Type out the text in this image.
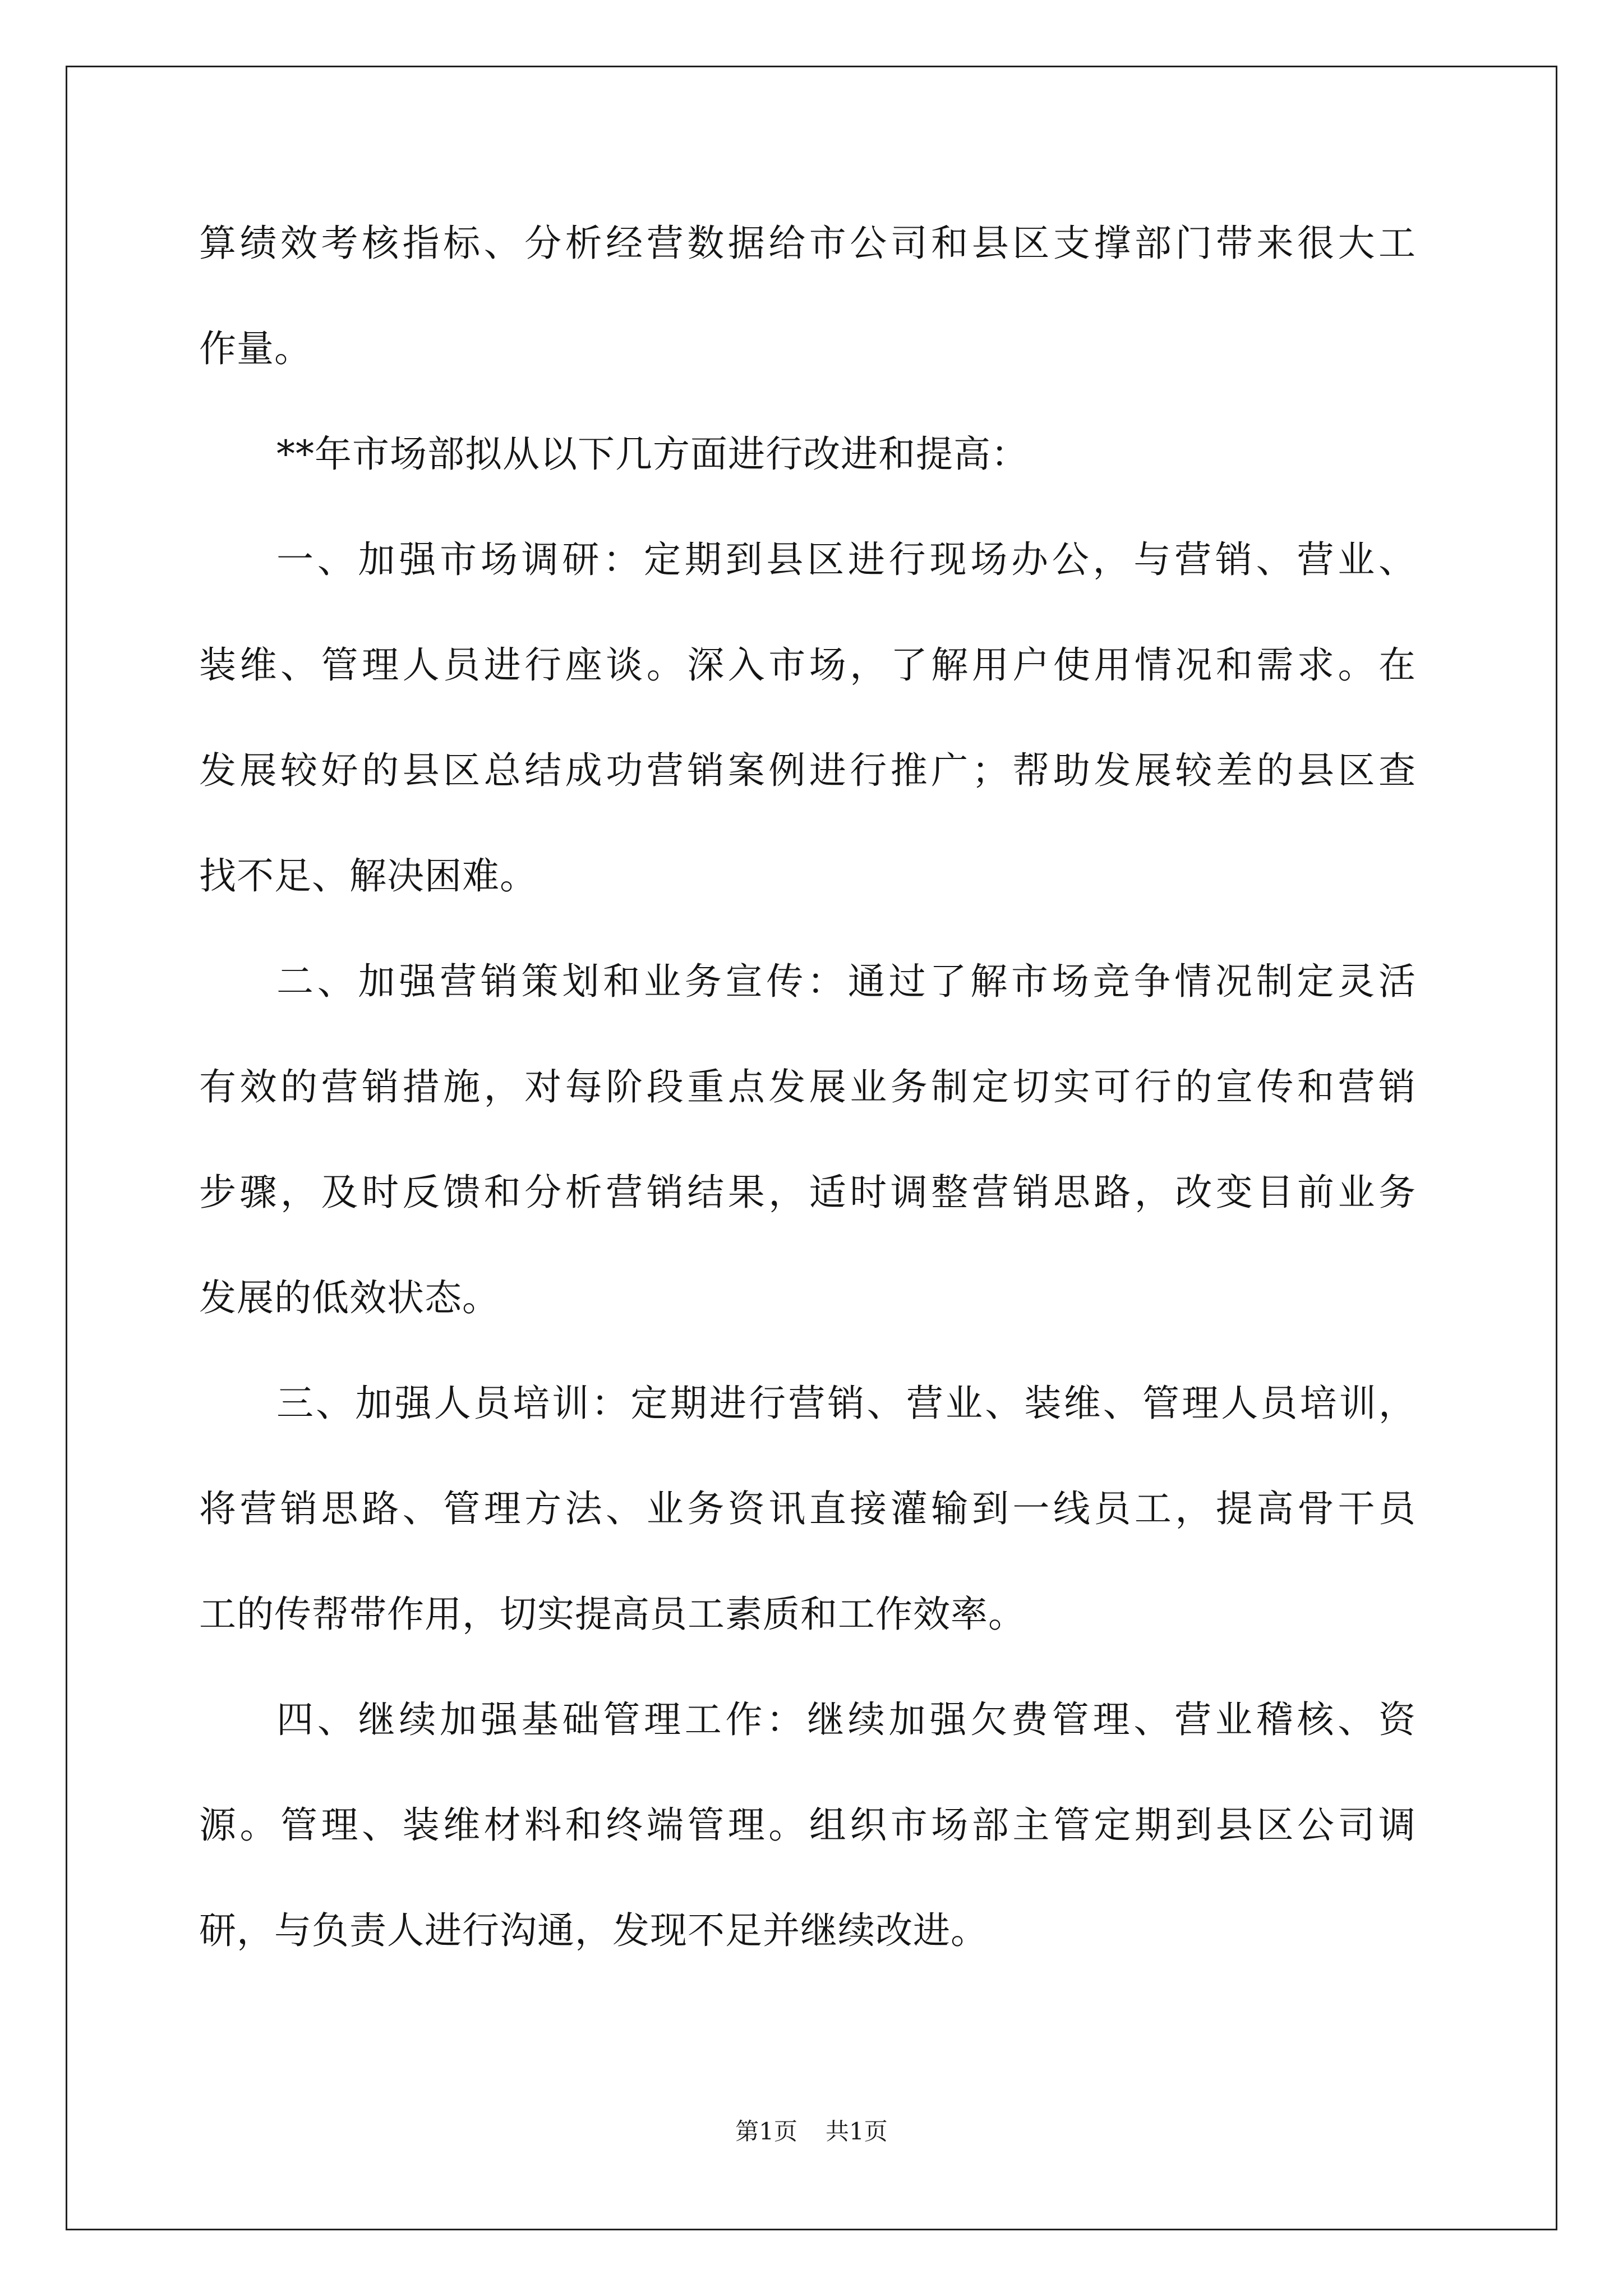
算绩效考核指标、分析经营数据给市公司和县区支撑部门带来很大工
作量。
**年市场部拟从以下几方面进行改进和提高：
一、加强市场调研：定期到县区进行现场办公，与营销、营业、
装维、管理人员进行座谈。深入市场，了解用户使用情况和需求。在
发展较好的县区总结成功营销案例进行推广；帮助发展较差的县区查
找不足、解决困难。
二、加强营销策划和业务宣传：通过了解市场竞争情况制定灵活
有效的营销措施，对每阶段重点发展业务制定切实可行的宣传和营销
步骤，及时反馈和分析营销结果，适时调整营销思路，改变目前业务
发展的低效状态。
三、加强人员培训：定期进行营销、营业、装维、管理人员培训，
将营销思路、管理方法、业务资讯直接灌输到一线员工，提高骨干员
工的传帮带作用，切实提高员工素质和工作效率。
四、继续加强基础管理工作：继续加强欠费管理、营业稽核、资
源。管理、装维材料和终端管理。组织市场部主管定期到县区公司调
研，与负责人进行沟通，发现不足并继续改进。
第1页 共1页
